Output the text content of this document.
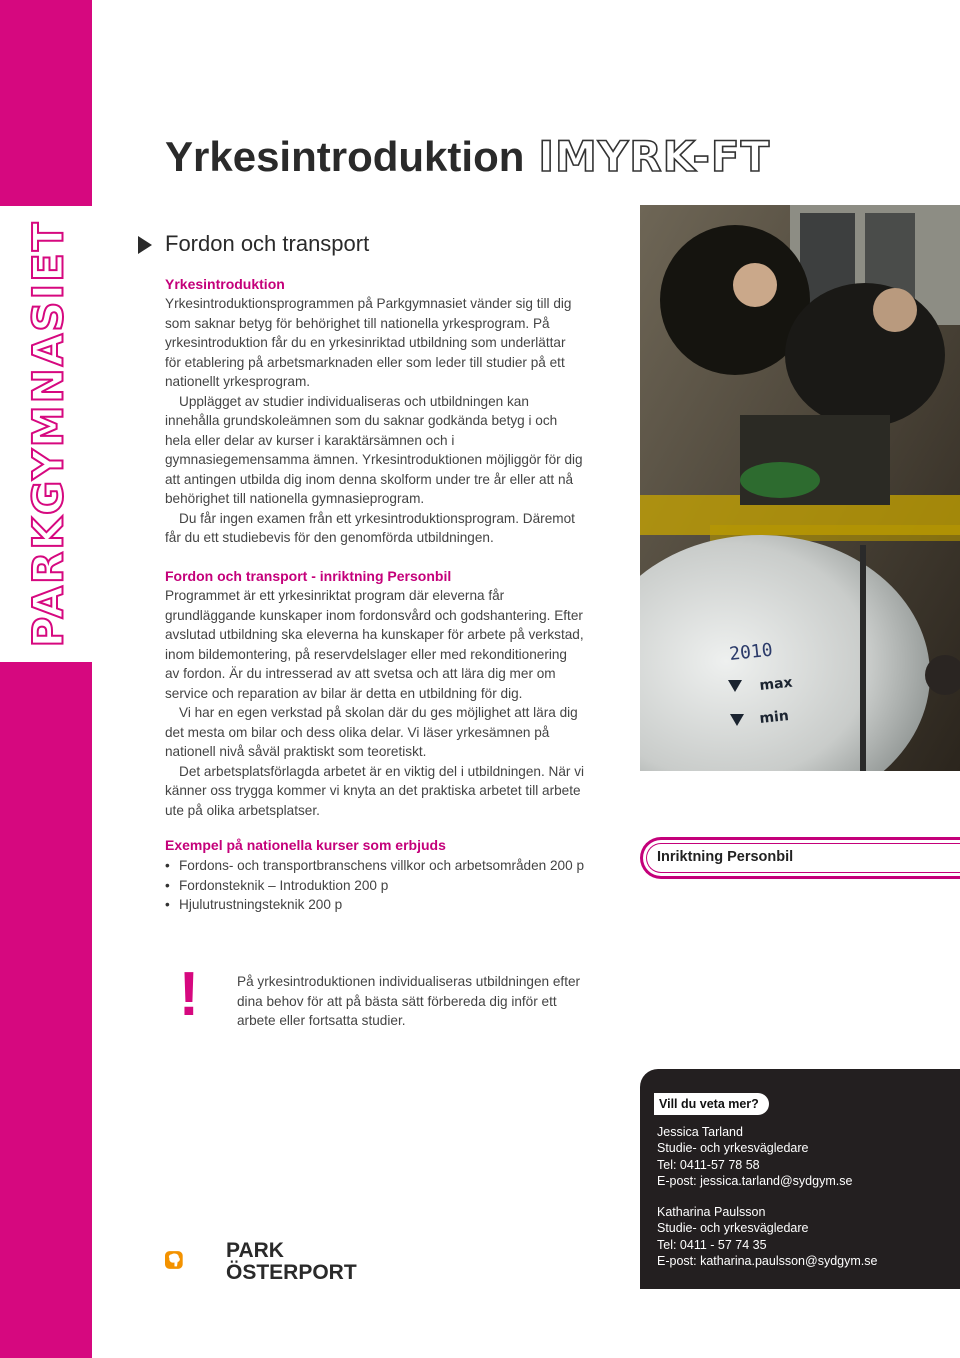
PARKGYMNASIET
Yrkesintroduktion IMYRK-FT
Fordon och transport

Yrkesintroduktion

Yrkesintroduktionsprogrammen på Parkgymnasiet vänder sig till dig som saknar betyg för behörighet till nationella yrkesprogram. På yrkesintroduktion får du en yrkesinriktad utbildning som underlättar för etablering på arbetsmarknaden eller som leder till studier på ett nationellt yrkesprogram.

Upplägget av studier individualiseras och utbildningen kan innehålla grundskoleämnen som du saknar godkända betyg i och hela eller delar av kurser i karaktärsämnen och i gymnasiegemensamma ämnen. Yrkesintroduktionen möjliggör för dig att antingen utbilda dig inom denna skolform under tre år eller att nå behörighet till nationella gymnasieprogram.

Du får ingen examen från ett yrkesintroduktionsprogram. Däremot får du ett studiebevis för den genomförda utbildningen.

Fordon och transport - inriktning Personbil

Programmet är ett yrkesinriktat program där eleverna får grundläggande kunskaper inom fordonsvård och godshantering. Efter avslutad utbildning ska eleverna ha kunskaper för arbete på verkstad, inom bildemontering, på reservdelslager eller med rekonditionering av fordon. Är du intresserad av att svetsa och att lära dig mer om service och reparation av bilar är detta en utbildning för dig.

Vi har en egen verkstad på skolan där du ges möjlighet att lära dig det mesta om bilar och dess olika delar. Vi läser yrkesämnen på nationell nivå såväl praktiskt som teoretiskt.

Det arbetsplatsförlagda arbetet är en viktig del i utbildningen. När vi känner oss trygga kommer vi knyta an det praktiska arbetet till arbete ute på olika arbetsplatser.

Exempel på nationella kurser som erbjuds

• Fordons- och transportbranschens villkor och arbetsområden 200 p
• Fordonsteknik – Introduktion 200 p
• Hjulutrustningsteknik 200 p
2010
max
min
Inriktning Personbil
!	På yrkesintroduktionen individualiseras utbildningen efter dina behov för att på bästa sätt förbereda dig inför ett arbete eller fortsatta studier.
Vill du veta mer?
Jessica Tarland
Studie- och yrkesvägledare
Tel: 0411-57 78 58
E-post: jessica.tarland@sydgym.se
Katharina Paulsson
Studie- och yrkesvägledare
Tel: 0411 - 57 74 35
E-post: katharina.paulsson@sydgym.se
PARK
ÖSTERPORT
